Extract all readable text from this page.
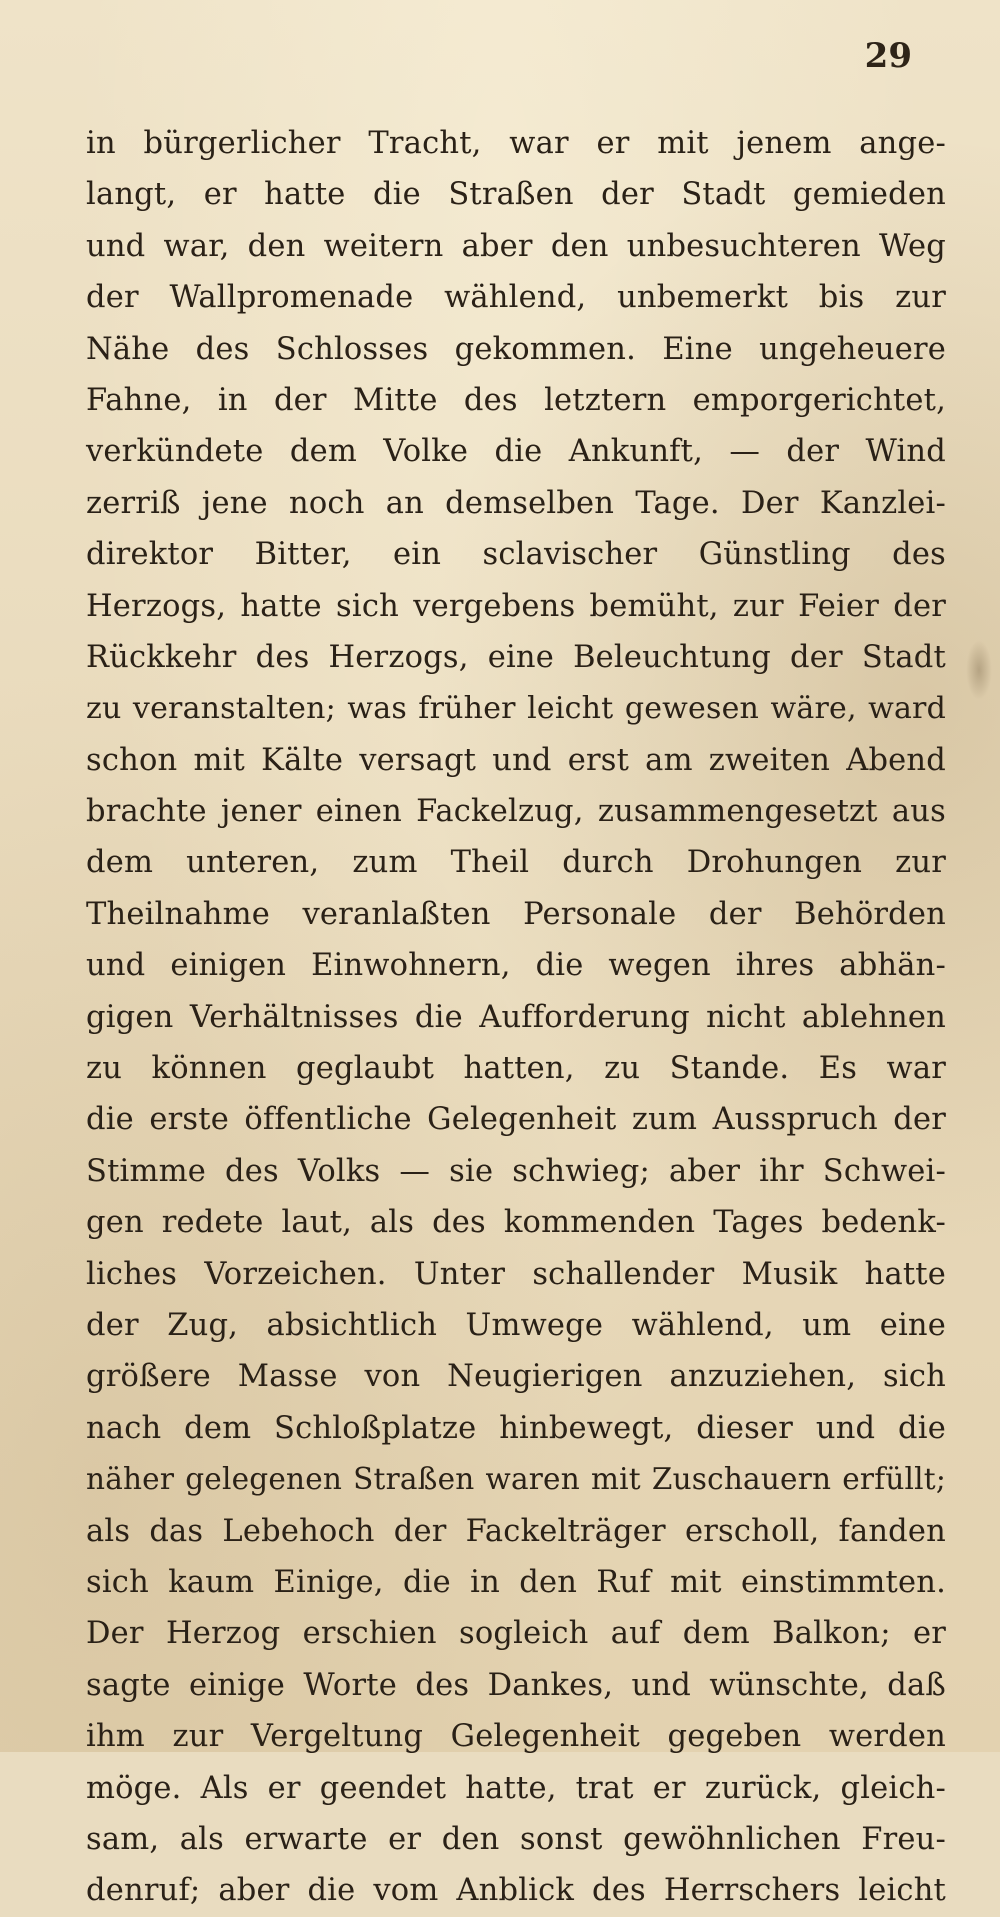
29
in bürgerlicher Tracht, war er mit jenem ange-
langt, er hatte die Straßen der Stadt gemieden
und war, den weitern aber den unbesuchteren Weg
der Wallpromenade wählend, unbemerkt bis zur
Nähe des Schlosses gekommen. Eine ungeheuere
Fahne, in der Mitte des letztern emporgerichtet,
verkündete dem Volke die Ankunft, — der Wind
zerriß jene noch an demselben Tage. Der Kanzlei-
direktor Bitter, ein sclavischer Günstling des
Herzogs, hatte sich vergebens bemüht, zur Feier der
Rückkehr des Herzogs, eine Beleuchtung der Stadt
zu veranstalten; was früher leicht gewesen wäre, ward
schon mit Kälte versagt und erst am zweiten Abend
brachte jener einen Fackelzug, zusammengesetzt aus
dem unteren, zum Theil durch Drohungen zur
Theilnahme veranlaßten Personale der Behörden
und einigen Einwohnern, die wegen ihres abhän-
gigen Verhältnisses die Aufforderung nicht ablehnen
zu können geglaubt hatten, zu Stande. Es war
die erste öffentliche Gelegenheit zum Ausspruch der
Stimme des Volks — sie schwieg; aber ihr Schwei-
gen redete laut, als des kommenden Tages bedenk-
liches Vorzeichen. Unter schallender Musik hatte
der Zug, absichtlich Umwege wählend, um eine
größere Masse von Neugierigen anzuziehen, sich
nach dem Schloßplatze hinbewegt, dieser und die
näher gelegenen Straßen waren mit Zuschauern erfüllt;
als das Lebehoch der Fackelträger erscholl, fanden
sich kaum Einige, die in den Ruf mit einstimmten.
Der Herzog erschien sogleich auf dem Balkon; er
sagte einige Worte des Dankes, und wünschte, daß
ihm zur Vergeltung Gelegenheit gegeben werden
möge. Als er geendet hatte, trat er zurück, gleich-
sam, als erwarte er den sonst gewöhnlichen Freu-
denruf; aber die vom Anblick des Herrschers leicht
